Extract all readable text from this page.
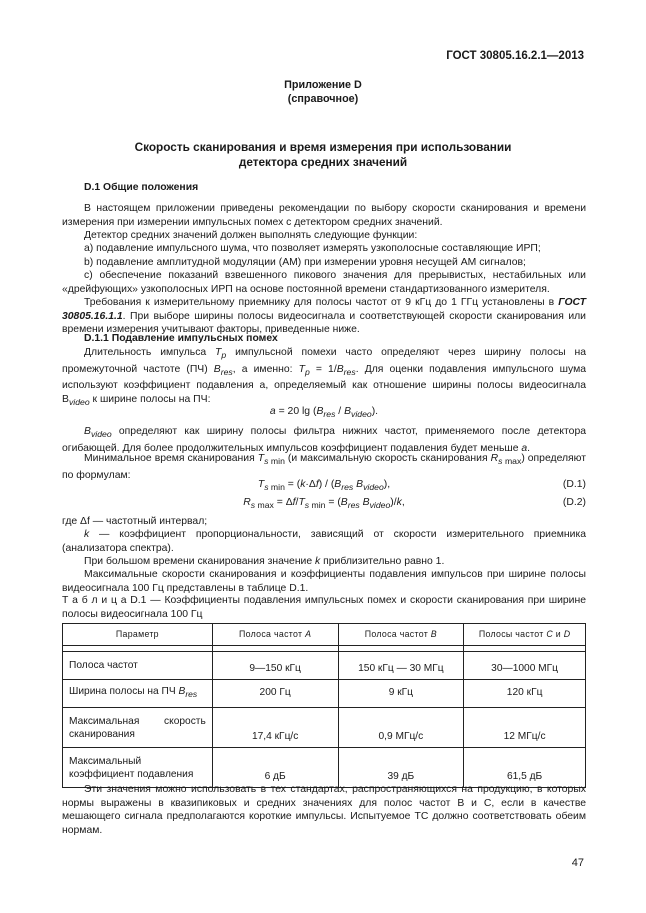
ГОСТ 30805.16.2.1—2013
Приложение D
(справочное)
Скорость сканирования и время измерения при использовании
детектора средних значений
D.1 Общие положения
В настоящем приложении приведены рекомендации по выбору скорости сканирования и времени измерения при измерении импульсных помех с детектором средних значений.
Детектор средних значений должен выполнять следующие функции:
a) подавление импульсного шума, что позволяет измерять узкополосные составляющие ИРП;
b) подавление амплитудной модуляции (АМ) при измерении уровня несущей АМ сигналов;
c) обеспечение показаний взвешенного пикового значения для прерывистых, нестабильных или «дрейфующих» узкополосных ИРП на основе постоянной времени стандартизованного измерителя.
Требования к измерительному приемнику для полосы частот от 9 кГц до 1 ГГц установлены в ГОСТ 30805.16.1.1. При выборе ширины полосы видеосигнала и соответствующей скорости сканирования или времени измерения учитывают факторы, приведенные ниже.
D.1.1 Подавление импульсных помех
Длительность импульса $T_p$ импульсной помехи часто определяют через ширину полосы на промежуточной частоте (ПЧ) $B_{res}$, а именно: $T_p = 1/B_{res}$. Для оценки подавления импульсного шума используют коэффициент подавления a, определяемый как отношение ширины полосы видеосигнала $B_{video}$ к ширине полосы на ПЧ:
a = 20 $\lg (B_{res} / B_{video})$.
$B_{video}$ определяют как ширину полосы фильтра нижних частот, применяемого после детектора огибающей. Для более продолжительных импульсов коэффициент подавления будет меньше a.
Минимальное время сканирования $T_s$ $_{min}$ (и максимальную скорость сканирования $R_s$ $_{max}$) определяют по формулам:
$T_s$ $_{min} = (k\cdot\Delta f) / (B_{res}$ $B_{video}$),	(D.1)
$R_s$ $_{max} = \Delta f/T_s$ $_{min} = (B_{res}$ $B_{video})/k$,	(D.2)
где Δf — частотный интервал;
k — коэффициент пропорциональности, зависящий от скорости измерительного приемника (анализатора спектра).
При большом времени сканирования значение k приблизительно равно 1.
Максимальные скорости сканирования и коэффициенты подавления импульсов при ширине полосы видеосигнала 100 Гц представлены в таблице D.1.
Т а б л и ц а D.1 — Коэффициенты подавления импульсных помех и скорости сканирования при ширине полосы видеосигнала 100 Гц
Параметр	Полоса частот A	Полоса частот B	Полосы частот C и D

Полоса частот	9—150 кГц	150 кГц — 30 МГц	30—1000 МГц
Ширина полосы на ПЧ $B_{res}$	200 Гц	9 кГц	120 кГц
Максимальная скорость сканирования	17,4 кГц/с	0,9 МГц/с	12 МГц/с
Максимальный коэффициент подавления	6 дБ	39 дБ	61,5 дБ
Эти значения можно использовать в тех стандартах, распространяющихся на продукцию, в которых нормы выражены в квазипиковых и средних значениях для полос частот B и C, если в качестве мешающего сигнала предполагаются короткие импульсы. Испытуемое ТС должно соответствовать обеим нормам.
47
